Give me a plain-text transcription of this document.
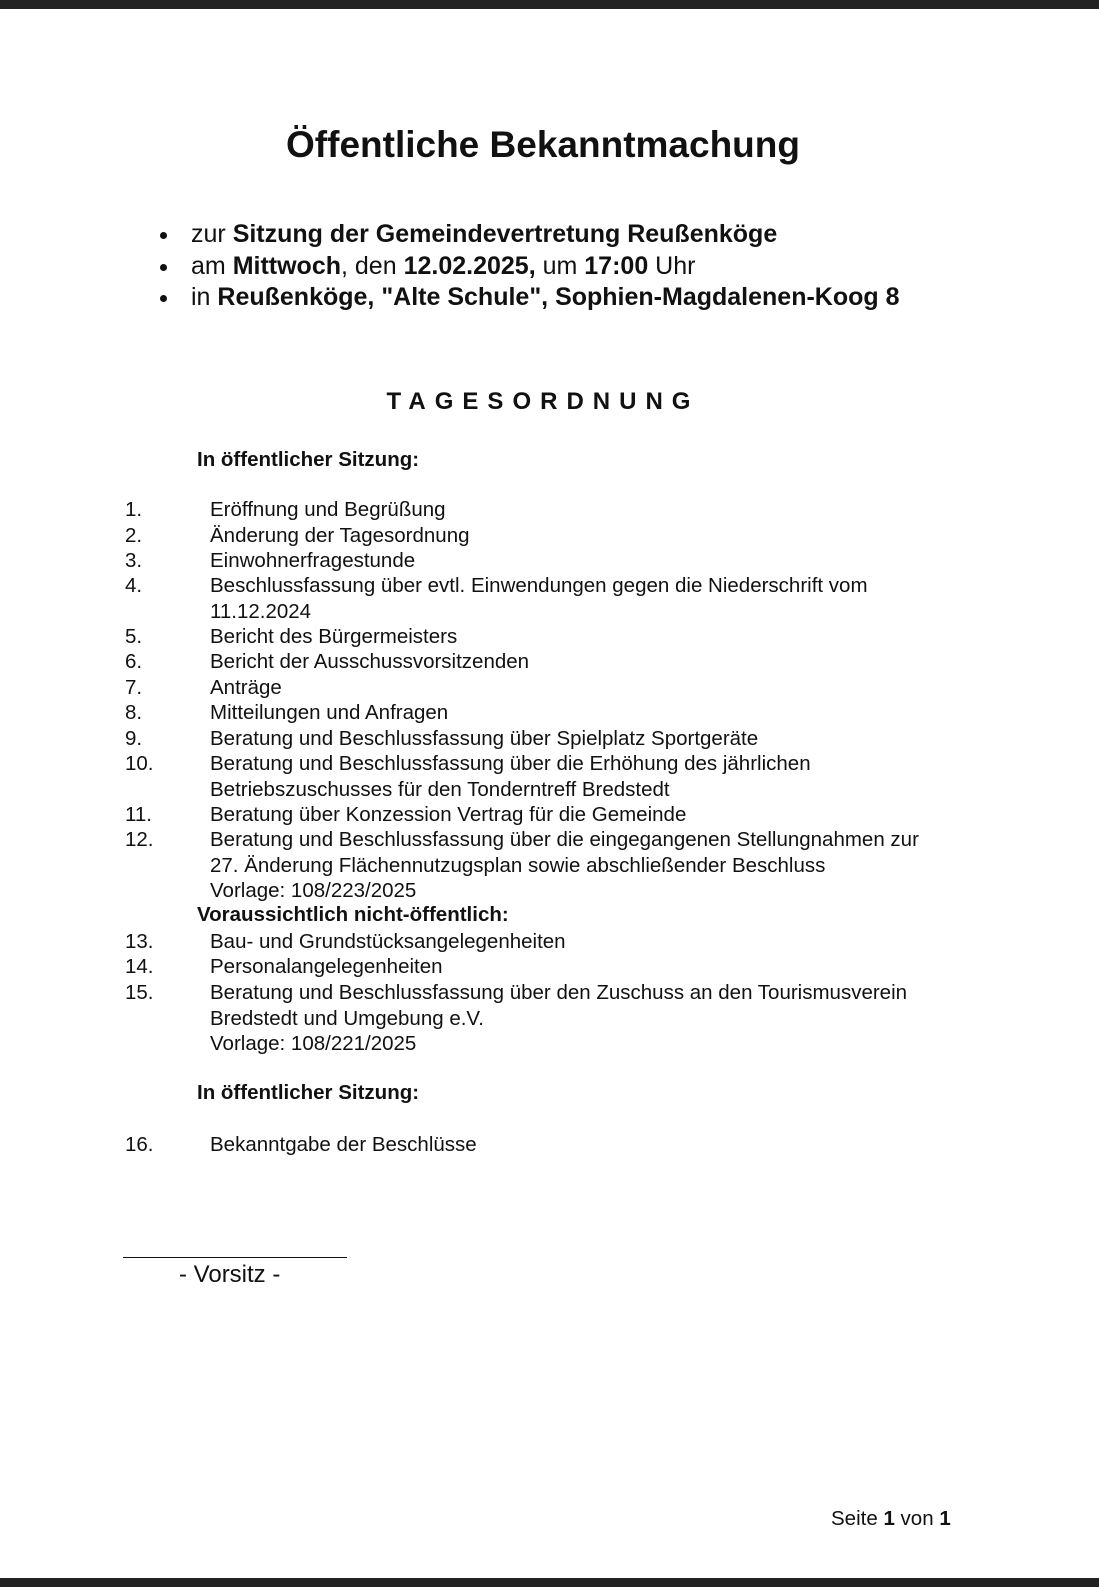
Öffentliche Bekanntmachung
zur Sitzung der Gemeindevertretung Reußenköge
am Mittwoch, den 12.02.2025, um 17:00 Uhr
in Reußenköge, "Alte Schule", Sophien-Magdalenen-Koog 8
TAGESORDNUNG
In öffentlicher Sitzung:
1.	Eröffnung und Begrüßung
2.	Änderung der Tagesordnung
3.	Einwohnerfragestunde
4.	Beschlussfassung über evtl. Einwendungen gegen die Niederschrift vom
11.12.2024
5.	Bericht des Bürgermeisters
6.	Bericht der Ausschussvorsitzenden
7.	Anträge
8.	Mitteilungen und Anfragen
9.	Beratung und Beschlussfassung über Spielplatz Sportgeräte
10.	Beratung und Beschlussfassung über die Erhöhung des jährlichen
Betriebszuschusses für den Tonderntreff Bredstedt
11.	Beratung über Konzession Vertrag für die Gemeinde
12.	Beratung und Beschlussfassung über die eingegangenen Stellungnahmen zur
27. Änderung Flächennutzugsplan sowie abschließender Beschluss
Vorlage: 108/223/2025
Voraussichtlich nicht-öffentlich:
13.	Bau- und Grundstücksangelegenheiten
14.	Personalangelegenheiten
15.	Beratung und Beschlussfassung über den Zuschuss an den Tourismusverein
Bredstedt und Umgebung e.V.
Vorlage: 108/221/2025
In öffentlicher Sitzung:
16.	Bekanntgabe der Beschlüsse
- Vorsitz -
Seite 1 von 1
